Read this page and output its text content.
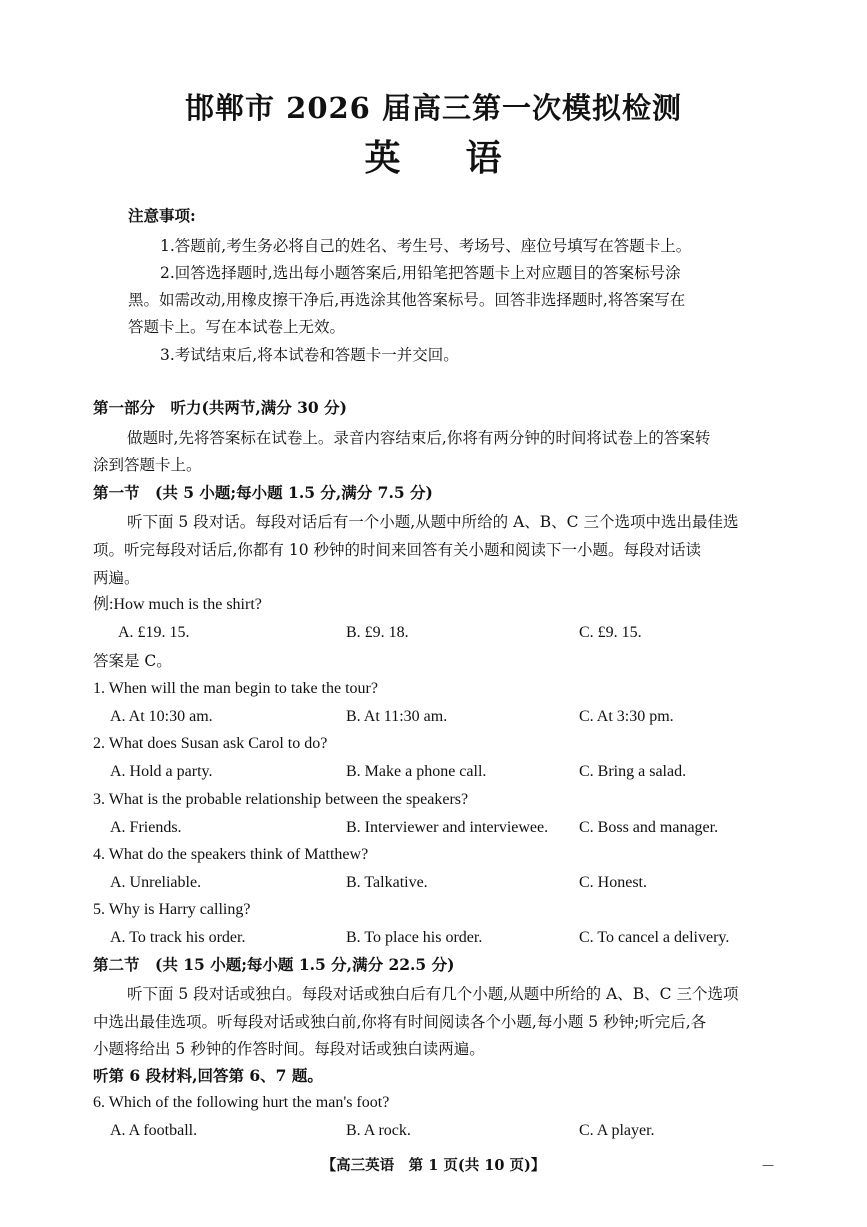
邯郸市 2026 届高三第一次模拟检测
英 语
注意事项:
1.答题前,考生务必将自己的姓名、考生号、考场号、座位号填写在答题卡上。
2.回答选择题时,选出每小题答案后,用铅笔把答题卡上对应题目的答案标号涂
黑。如需改动,用橡皮擦干净后,再选涂其他答案标号。回答非选择题时,将答案写在
答题卡上。写在本试卷上无效。
3.考试结束后,将本试卷和答题卡一并交回。
第一部分　听力(共两节,满分 30 分)
做题时,先将答案标在试卷上。录音内容结束后,你将有两分钟的时间将试卷上的答案转
涂到答题卡上。
第一节　(共 5 小题;每小题 1.5 分,满分 7.5 分)
听下面 5 段对话。每段对话后有一个小题,从题中所给的 A、B、C 三个选项中选出最佳选
项。听完每段对话后,你都有 10 秒钟的时间来回答有关小题和阅读下一小题。每段对话读
两遍。
例:How much is the shirt?
A. £19. 15.	B. £9. 18.	C. £9. 15.
答案是 C。
1. When will the man begin to take the tour?
A. At 10:30 am.	B. At 11:30 am.	C. At 3:30 pm.
2. What does Susan ask Carol to do?
A. Hold a party.	B. Make a phone call.	C. Bring a salad.
3. What is the probable relationship between the speakers?
A. Friends.	B. Interviewer and interviewee. C. Boss and manager.
4. What do the speakers think of Matthew?
A. Unreliable.	B. Talkative.	C. Honest.
5. Why is Harry calling?
A. To track his order.	B. To place his order.	C. To cancel a delivery.
第二节　(共 15 小题;每小题 1.5 分,满分 22.5 分)
听下面 5 段对话或独白。每段对话或独白后有几个小题,从题中所给的 A、B、C 三个选项
中选出最佳选项。听每段对话或独白前,你将有时间阅读各个小题,每小题 5 秒钟;听完后,各
小题将给出 5 秒钟的作答时间。每段对话或独白读两遍。
听第 6 段材料,回答第 6、7 题。
6. Which of the following hurt the man's foot?
A. A football.	B. A rock.	C. A player.
【高三英语　第 1 页(共 10 页)】	—
